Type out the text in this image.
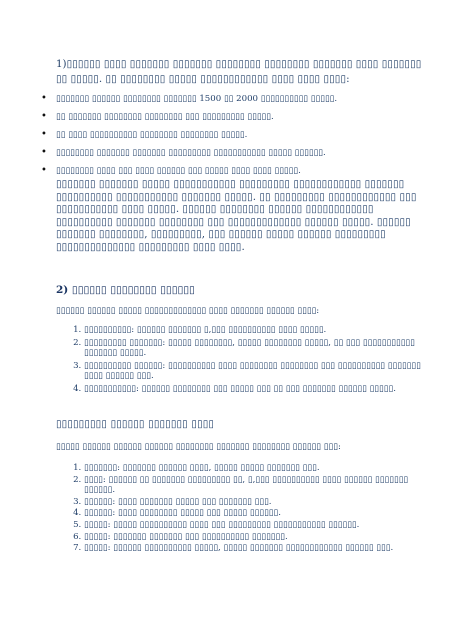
1)▯▯▯▯▯▯ ▯▯▯▯ ▯▯▯▯▯▯▯ ▯▯▯▯▯▯▯ ▯▯▯▯▯▯▯▯ ▯▯▯▯▯▯▯▯ ▯▯▯▯▯▯▯ ▯▯▯▯ ▯▯▯▯▯▯▯ ▯▯ ▯▯▯▯▯. ▯▯ ▯▯▯▯▯▯▯▯ ▯▯▯▯▯ ▯▯▯▯▯▯▯▯▯▯▯▯ ▯▯▯▯ ▯▯▯▯ ▯▯▯▯:
• ▯▯▯▯▯▯▯ ▯▯▯▯▯▯ ▯▯▯▯▯▯▯▯ ▯▯▯▯▯▯▯ 1500 ▯▯ 2000 ▯▯▯▯▯▯▯▯▯▯ ▯▯▯▯▯.
• ▯▯ ▯▯▯▯▯▯▯ ▯▯▯▯▯▯▯▯ ▯▯▯▯▯▯▯▯ ▯▯▯ ▯▯▯▯▯▯▯▯▯ ▯▯▯▯▯.
• ▯▯ ▯▯▯▯ ▯▯▯▯▯▯▯▯▯▯ ▯▯▯▯▯▯▯▯ ▯▯▯▯▯▯▯▯ ▯▯▯▯▯.
• ▯▯▯▯▯▯▯▯ ▯▯▯▯▯▯▯ ▯▯▯▯▯▯▯ ▯▯▯▯▯▯▯▯▯ ▯▯▯▯▯▯▯▯▯▯▯ ▯▯▯▯▯ ▯▯▯▯▯▯.
• ▯▯▯▯▯▯▯▯ ▯▯▯▯ ▯▯▯ ▯▯▯▯ ▯▯▯▯▯▯ ▯▯▯ ▯▯▯▯▯ ▯▯▯▯ ▯▯▯▯ ▯▯▯▯▯.
▯▯▯▯▯▯▯ ▯▯▯▯▯▯▯ ▯▯▯▯▯ ▯▯▯▯▯▯▯▯▯▯▯ ▯▯▯▯▯▯▯▯▯ ▯▯▯▯▯▯▯▯▯▯▯▯ ▯▯▯▯▯▯▯ ▯▯▯▯▯▯▯▯▯▯ ▯▯▯▯▯▯▯▯▯▯▯ ▯▯▯▯▯▯▯ ▯▯▯▯▯. ▯▯ ▯▯▯▯▯▯▯▯▯ ▯▯▯▯▯▯▯▯▯▯▯▯ ▯▯▯ ▯▯▯▯▯▯▯▯▯▯▯ ▯▯▯▯ ▯▯▯▯▯. ▯▯▯▯▯▯ ▯▯▯▯▯▯▯▯ ▯▯▯▯▯▯ ▯▯▯▯▯▯▯▯▯▯▯▯ ▯▯▯▯▯▯▯▯▯▯ ▯▯▯▯▯▯▯ ▯▯▯▯▯▯▯▯ ▯▯▯ ▯▯▯▯▯▯▯▯▯▯▯▯▯ ▯▯▯▯▯▯ ▯▯▯▯▯. ▯▯▯▯▯▯ ▯▯▯▯▯▯▯ ▯▯▯▯▯▯▯▯, ▯▯▯▯▯▯▯▯▯, ▯▯▯ ▯▯▯▯▯▯ ▯▯▯▯▯ ▯▯▯▯▯▯ ▯▯▯▯▯▯▯▯▯ ▯▯▯▯▯▯▯▯▯▯▯▯▯▯ ▯▯▯▯▯▯▯▯▯ ▯▯▯▯ ▯▯▯▯.
2) ▯▯▯▯▯▯ ▯▯▯▯▯▯▯▯ ▯▯▯▯▯▯
▯▯▯▯▯▯ ▯▯▯▯▯▯ ▯▯▯▯▯ ▯▯▯▯▯▯▯▯▯▯▯▯▯ ▯▯▯▯ ▯▯▯▯▯▯▯ ▯▯▯▯▯▯ ▯▯▯▯:
1. ▯▯▯▯▯▯▯▯▯▯: ▯▯▯▯▯▯ ▯▯▯▯▯▯▯ ▯,▯▯▯ ▯▯▯▯▯▯▯▯▯▯ ▯▯▯▯ ▯▯▯▯▯.
2. ▯▯▯▯▯▯▯▯▯ ▯▯▯▯▯▯▯: ▯▯▯▯▯ ▯▯▯▯▯▯▯▯, ▯▯▯▯▯ ▯▯▯▯▯▯▯▯ ▯▯▯▯▯, ▯▯ ▯▯▯ ▯▯▯▯▯▯▯▯▯▯▯ ▯▯▯▯▯▯▯ ▯▯▯▯▯.
3. ▯▯▯▯▯▯▯▯▯▯ ▯▯▯▯▯▯: ▯▯▯▯▯▯▯▯▯▯ ▯▯▯▯ ▯▯▯▯▯▯▯▯ ▯▯▯▯▯▯▯▯ ▯▯▯ ▯▯▯▯▯▯▯▯▯▯ ▯▯▯▯▯▯▯ ▯▯▯▯ ▯▯▯▯▯▯ ▯▯▯.
4. ▯▯▯▯▯▯▯▯▯▯▯: ▯▯▯▯▯▯ ▯▯▯▯▯▯▯▯ ▯▯▯ ▯▯▯▯▯ ▯▯▯ ▯▯ ▯▯▯ ▯▯▯▯▯▯▯ ▯▯▯▯▯▯ ▯▯▯▯▯.
▯▯▯▯▯▯▯▯▯ ▯▯▯▯▯▯ ▯▯▯▯▯▯▯ ▯▯▯▯
▯▯▯▯▯ ▯▯▯▯▯▯ ▯▯▯▯▯▯ ▯▯▯▯▯▯ ▯▯▯▯▯▯▯▯ ▯▯▯▯▯▯▯ ▯▯▯▯▯▯▯▯ ▯▯▯▯▯▯ ▯▯▯:
1. ▯▯▯▯▯▯▯: ▯▯▯▯▯▯▯ ▯▯▯▯▯▯ ▯▯▯▯, ▯▯▯▯▯ ▯▯▯▯▯ ▯▯▯▯▯▯▯ ▯▯▯.
2. ▯▯▯▯: ▯▯▯▯▯▯ ▯▯ ▯▯▯▯▯▯▯ ▯▯▯▯▯▯▯▯▯ ▯▯, ▯,▯▯▯ ▯▯▯▯▯▯▯▯▯▯ ▯▯▯▯ ▯▯▯▯▯▯ ▯▯▯▯▯▯▯ ▯▯▯▯▯▯.
3. ▯▯▯▯▯▯: ▯▯▯▯ ▯▯▯▯▯▯▯ ▯▯▯▯▯ ▯▯▯ ▯▯▯▯▯▯▯ ▯▯▯.
4. ▯▯▯▯▯▯: ▯▯▯▯ ▯▯▯▯▯▯▯▯ ▯▯▯▯▯ ▯▯▯ ▯▯▯▯▯ ▯▯▯▯▯▯.
5. ▯▯▯▯▯: ▯▯▯▯▯ ▯▯▯▯▯▯▯▯▯▯ ▯▯▯▯ ▯▯▯ ▯▯▯▯▯▯▯▯▯ ▯▯▯▯▯▯▯▯▯▯▯ ▯▯▯▯▯▯.
6. ▯▯▯▯▯: ▯▯▯▯▯▯▯ ▯▯▯▯▯▯▯ ▯▯▯ ▯▯▯▯▯▯▯▯▯▯ ▯▯▯▯▯▯▯.
7. ▯▯▯▯▯: ▯▯▯▯▯▯ ▯▯▯▯▯▯▯▯▯▯ ▯▯▯▯▯, ▯▯▯▯▯ ▯▯▯▯▯▯▯ ▯▯▯▯▯▯▯▯▯▯▯▯ ▯▯▯▯▯▯ ▯▯▯.
